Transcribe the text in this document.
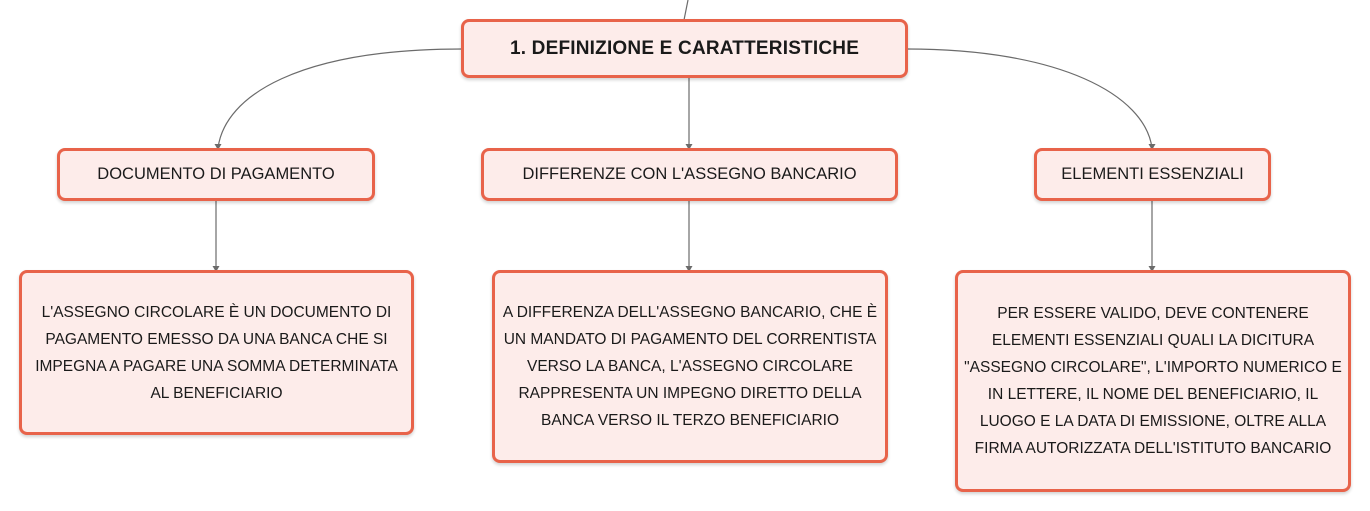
1. DEFINIZIONE E CARATTERISTICHE
DOCUMENTO DI PAGAMENTO	DIFFERENZE CON L'ASSEGNO BANCARIO	ELEMENTI ESSENZIALI
L'ASSEGNO CIRCOLARE È UN DOCUMENTO DI PAGAMENTO EMESSO DA UNA BANCA CHE SI IMPEGNA A PAGARE UNA SOMMA DETERMINATA AL BENEFICIARIO
A DIFFERENZA DELL'ASSEGNO BANCARIO, CHE È UN MANDATO DI PAGAMENTO DEL CORRENTISTA VERSO LA BANCA, L'ASSEGNO CIRCOLARE RAPPRESENTA UN IMPEGNO DIRETTO DELLA BANCA VERSO IL TERZO BENEFICIARIO
PER ESSERE VALIDO, DEVE CONTENERE ELEMENTI ESSENZIALI QUALI LA DICITURA "ASSEGNO CIRCOLARE", L'IMPORTO NUMERICO E IN LETTERE, IL NOME DEL BENEFICIARIO, IL LUOGO E LA DATA DI EMISSIONE, OLTRE ALLA FIRMA AUTORIZZATA DELL'ISTITUTO BANCARIO
